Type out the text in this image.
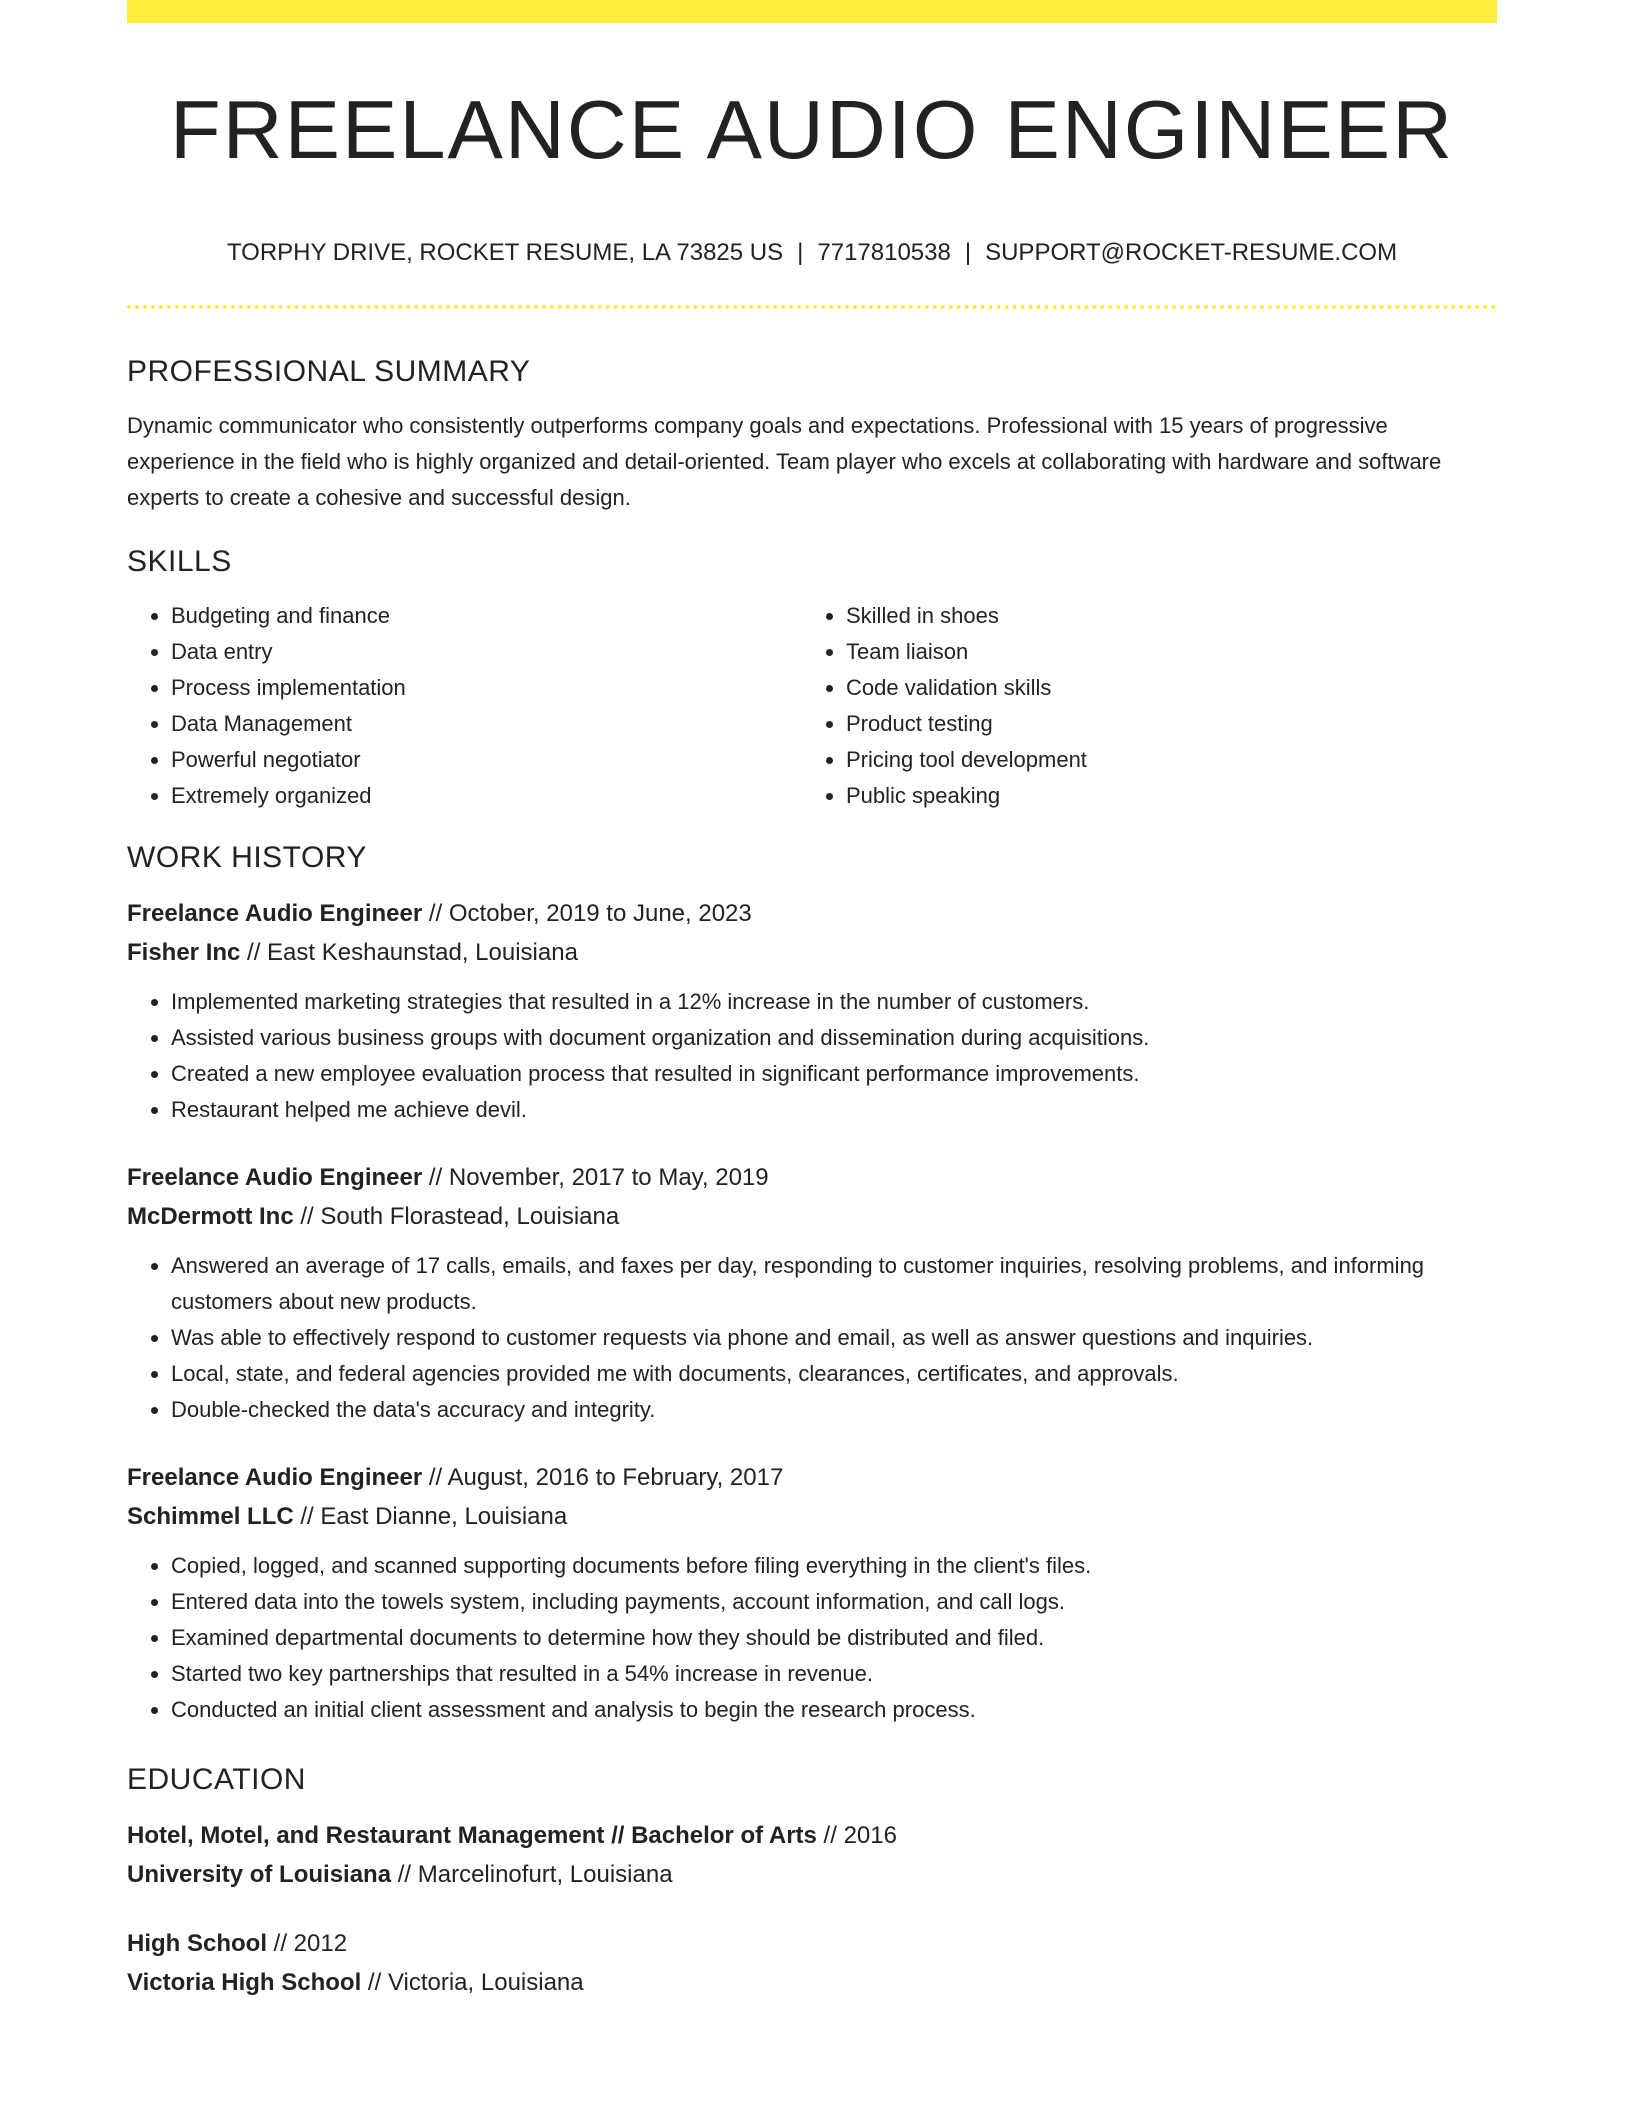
FREELANCE AUDIO ENGINEER
TORPHY DRIVE, ROCKET RESUME, LA 73825 US | 7717810538 | SUPPORT@ROCKET-RESUME.COM
PROFESSIONAL SUMMARY
Dynamic communicator who consistently outperforms company goals and expectations. Professional with 15 years of progressive experience in the field who is highly organized and detail-oriented. Team player who excels at collaborating with hardware and software experts to create a cohesive and successful design.
SKILLS
• Budgeting and finance
• Data entry
• Process implementation
• Data Management
• Powerful negotiator
• Extremely organized
• Skilled in shoes
• Team liaison
• Code validation skills
• Product testing
• Pricing tool development
• Public speaking
WORK HISTORY
Freelance Audio Engineer // October, 2019 to June, 2023
Fisher Inc // East Keshaunstad, Louisiana
• Implemented marketing strategies that resulted in a 12% increase in the number of customers.
• Assisted various business groups with document organization and dissemination during acquisitions.
• Created a new employee evaluation process that resulted in significant performance improvements.
• Restaurant helped me achieve devil.
Freelance Audio Engineer // November, 2017 to May, 2019
McDermott Inc // South Florastead, Louisiana
• Answered an average of 17 calls, emails, and faxes per day, responding to customer inquiries, resolving problems, and informing customers about new products.
• Was able to effectively respond to customer requests via phone and email, as well as answer questions and inquiries.
• Local, state, and federal agencies provided me with documents, clearances, certificates, and approvals.
• Double-checked the data's accuracy and integrity.
Freelance Audio Engineer // August, 2016 to February, 2017
Schimmel LLC // East Dianne, Louisiana
• Copied, logged, and scanned supporting documents before filing everything in the client's files.
• Entered data into the towels system, including payments, account information, and call logs.
• Examined departmental documents to determine how they should be distributed and filed.
• Started two key partnerships that resulted in a 54% increase in revenue.
• Conducted an initial client assessment and analysis to begin the research process.
EDUCATION
Hotel, Motel, and Restaurant Management // Bachelor of Arts // 2016
University of Louisiana // Marcelinofurt, Louisiana
High School // 2012
Victoria High School // Victoria, Louisiana
